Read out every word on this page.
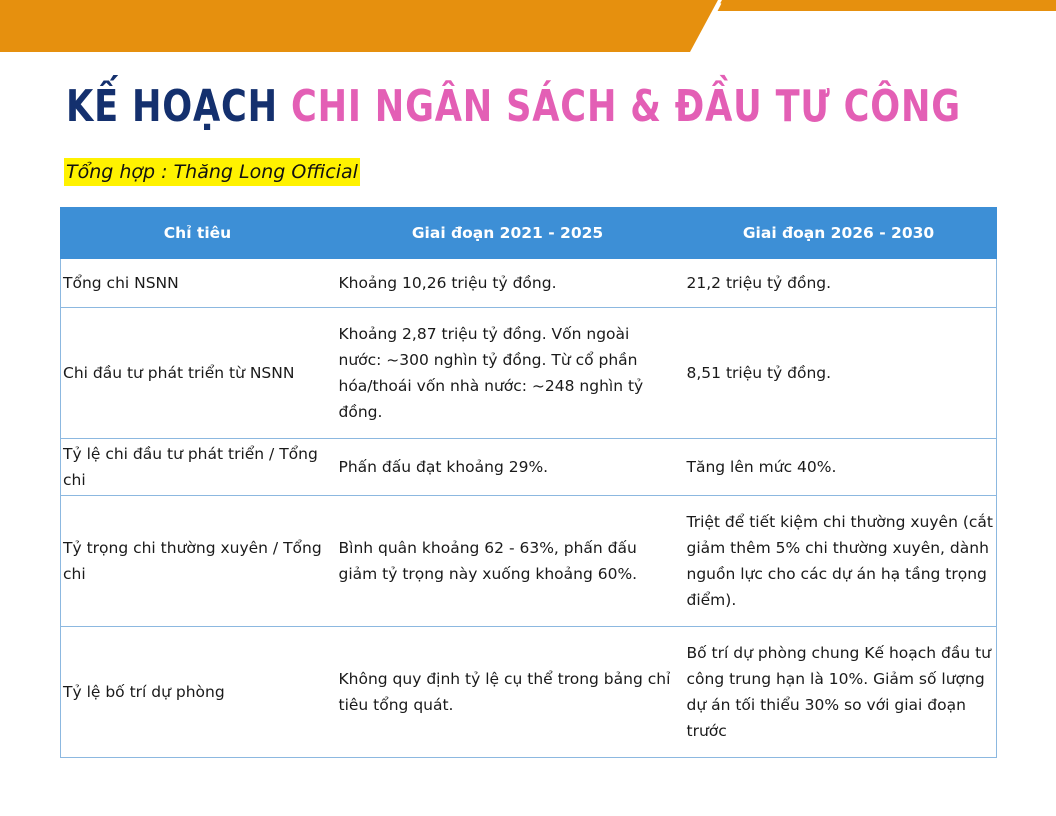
KẾ HOẠCH CHI NGÂN SÁCH & ĐẦU TƯ CÔNG
Tổng hợp : Thăng Long Official
Chỉ tiêu	Giai đoạn 2021 - 2025	Giai đoạn 2026 - 2030
Tổng chi NSNN	Khoảng 10,26 triệu tỷ đồng.	21,2 triệu tỷ đồng.
Chi đầu tư phát triển từ NSNN	Khoảng 2,87 triệu tỷ đồng. Vốn ngoài nước: ~300 nghìn tỷ đồng. Từ cổ phần hóa/thoái vốn nhà nước: ~248 nghìn tỷ đồng.	8,51 triệu tỷ đồng.
Tỷ lệ chi đầu tư phát triển / Tổng chi	Phấn đấu đạt khoảng 29%.	Tăng lên mức 40%.
Tỷ trọng chi thường xuyên / Tổng chi	Bình quân khoảng 62 - 63%, phấn đấu giảm tỷ trọng này xuống khoảng 60%.	Triệt để tiết kiệm chi thường xuyên (cắt giảm thêm 5% chi thường xuyên, dành nguồn lực cho các dự án hạ tầng trọng điểm).
Tỷ lệ bố trí dự phòng	Không quy định tỷ lệ cụ thể trong bảng chỉ tiêu tổng quát.	Bố trí dự phòng chung Kế hoạch đầu tư công trung hạn là 10%. Giảm số lượng dự án tối thiểu 30% so với giai đoạn trước
